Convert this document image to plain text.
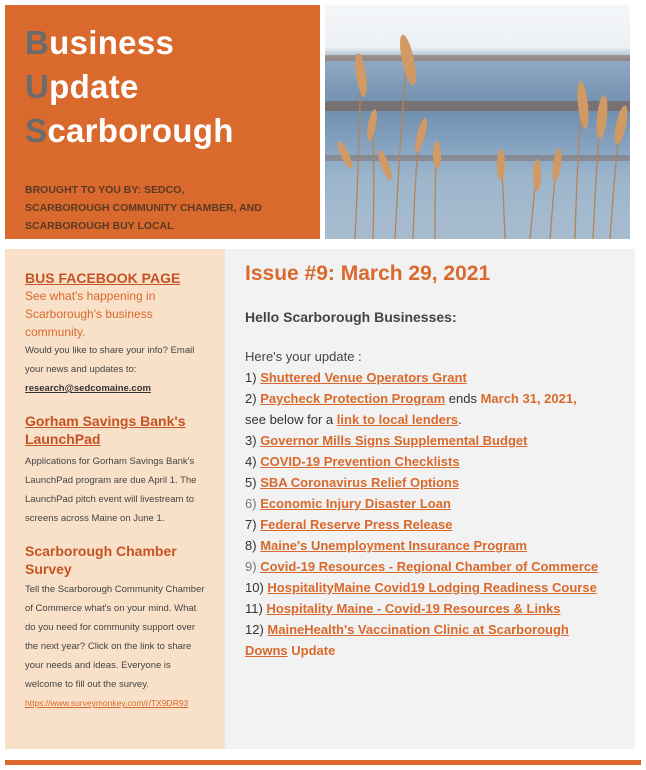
Business
Update
Scarborough
BROUGHT TO YOU BY: SEDCO,
SCARBOROUGH COMMUNITY CHAMBER, AND
SCARBOROUGH BUY LOCAL
BUS FACEBOOK PAGE
See what's happening in Scarborough's business community.
Would you like to share your info? Email your news and updates to:
research@sedcomaine.com
Gorham Savings Bank's LaunchPad
Applications for Gorham Savings Bank's LaunchPad program are due April 1. The LaunchPad pitch event will livestream to screens across Maine on June 1.
Scarborough Chamber Survey
Tell the Scarborough Community Chamber of Commerce what's on your mind. What do you need for community support over the next year? Click on the link to share your needs and ideas. Everyone is welcome to fill out the survey.
https://www.surveymonkey.com/r/TX9DR93
Issue #9: March 29, 2021
Hello Scarborough Businesses:
Here's your update :
1) Shuttered Venue Operators Grant
2) Paycheck Protection Program ends March 31, 2021,
see below for a link to local lenders.
3) Governor Mills Signs Supplemental Budget
4) COVID-19 Prevention Checklists
5) SBA Coronavirus Relief Options
6) Economic Injury Disaster Loan
7) Federal Reserve Press Release
8) Maine's Unemployment Insurance Program
9) Covid-19 Resources - Regional Chamber of Commerce
10) HospitalityMaine Covid19 Lodging Readiness Course
11) Hospitality Maine - Covid-19 Resources & Links
12) MaineHealth's Vaccination Clinic at Scarborough Downs Update
